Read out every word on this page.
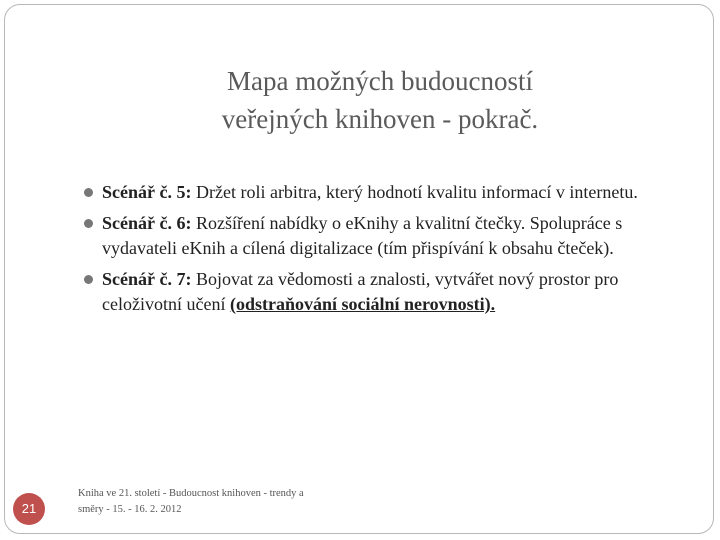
Mapa možných budoucností
veřejných knihoven - pokrač.
Scénář č. 5: Držet roli arbitra, který hodnotí kvalitu informací v internetu.
Scénář č. 6: Rozšíření nabídky o eKnihy a kvalitní čtečky. Spolupráce s vydavateli eKnih a cílená digitalizace (tím přispívání k obsahu čteček).
Scénář č. 7: Bojovat za vědomosti a znalosti, vytvářet nový prostor pro celoživotní učení (odstraňování sociální nerovnosti).
21
Kniha ve 21. století - Budoucnost knihoven - trendy a
směry - 15. - 16. 2. 2012
